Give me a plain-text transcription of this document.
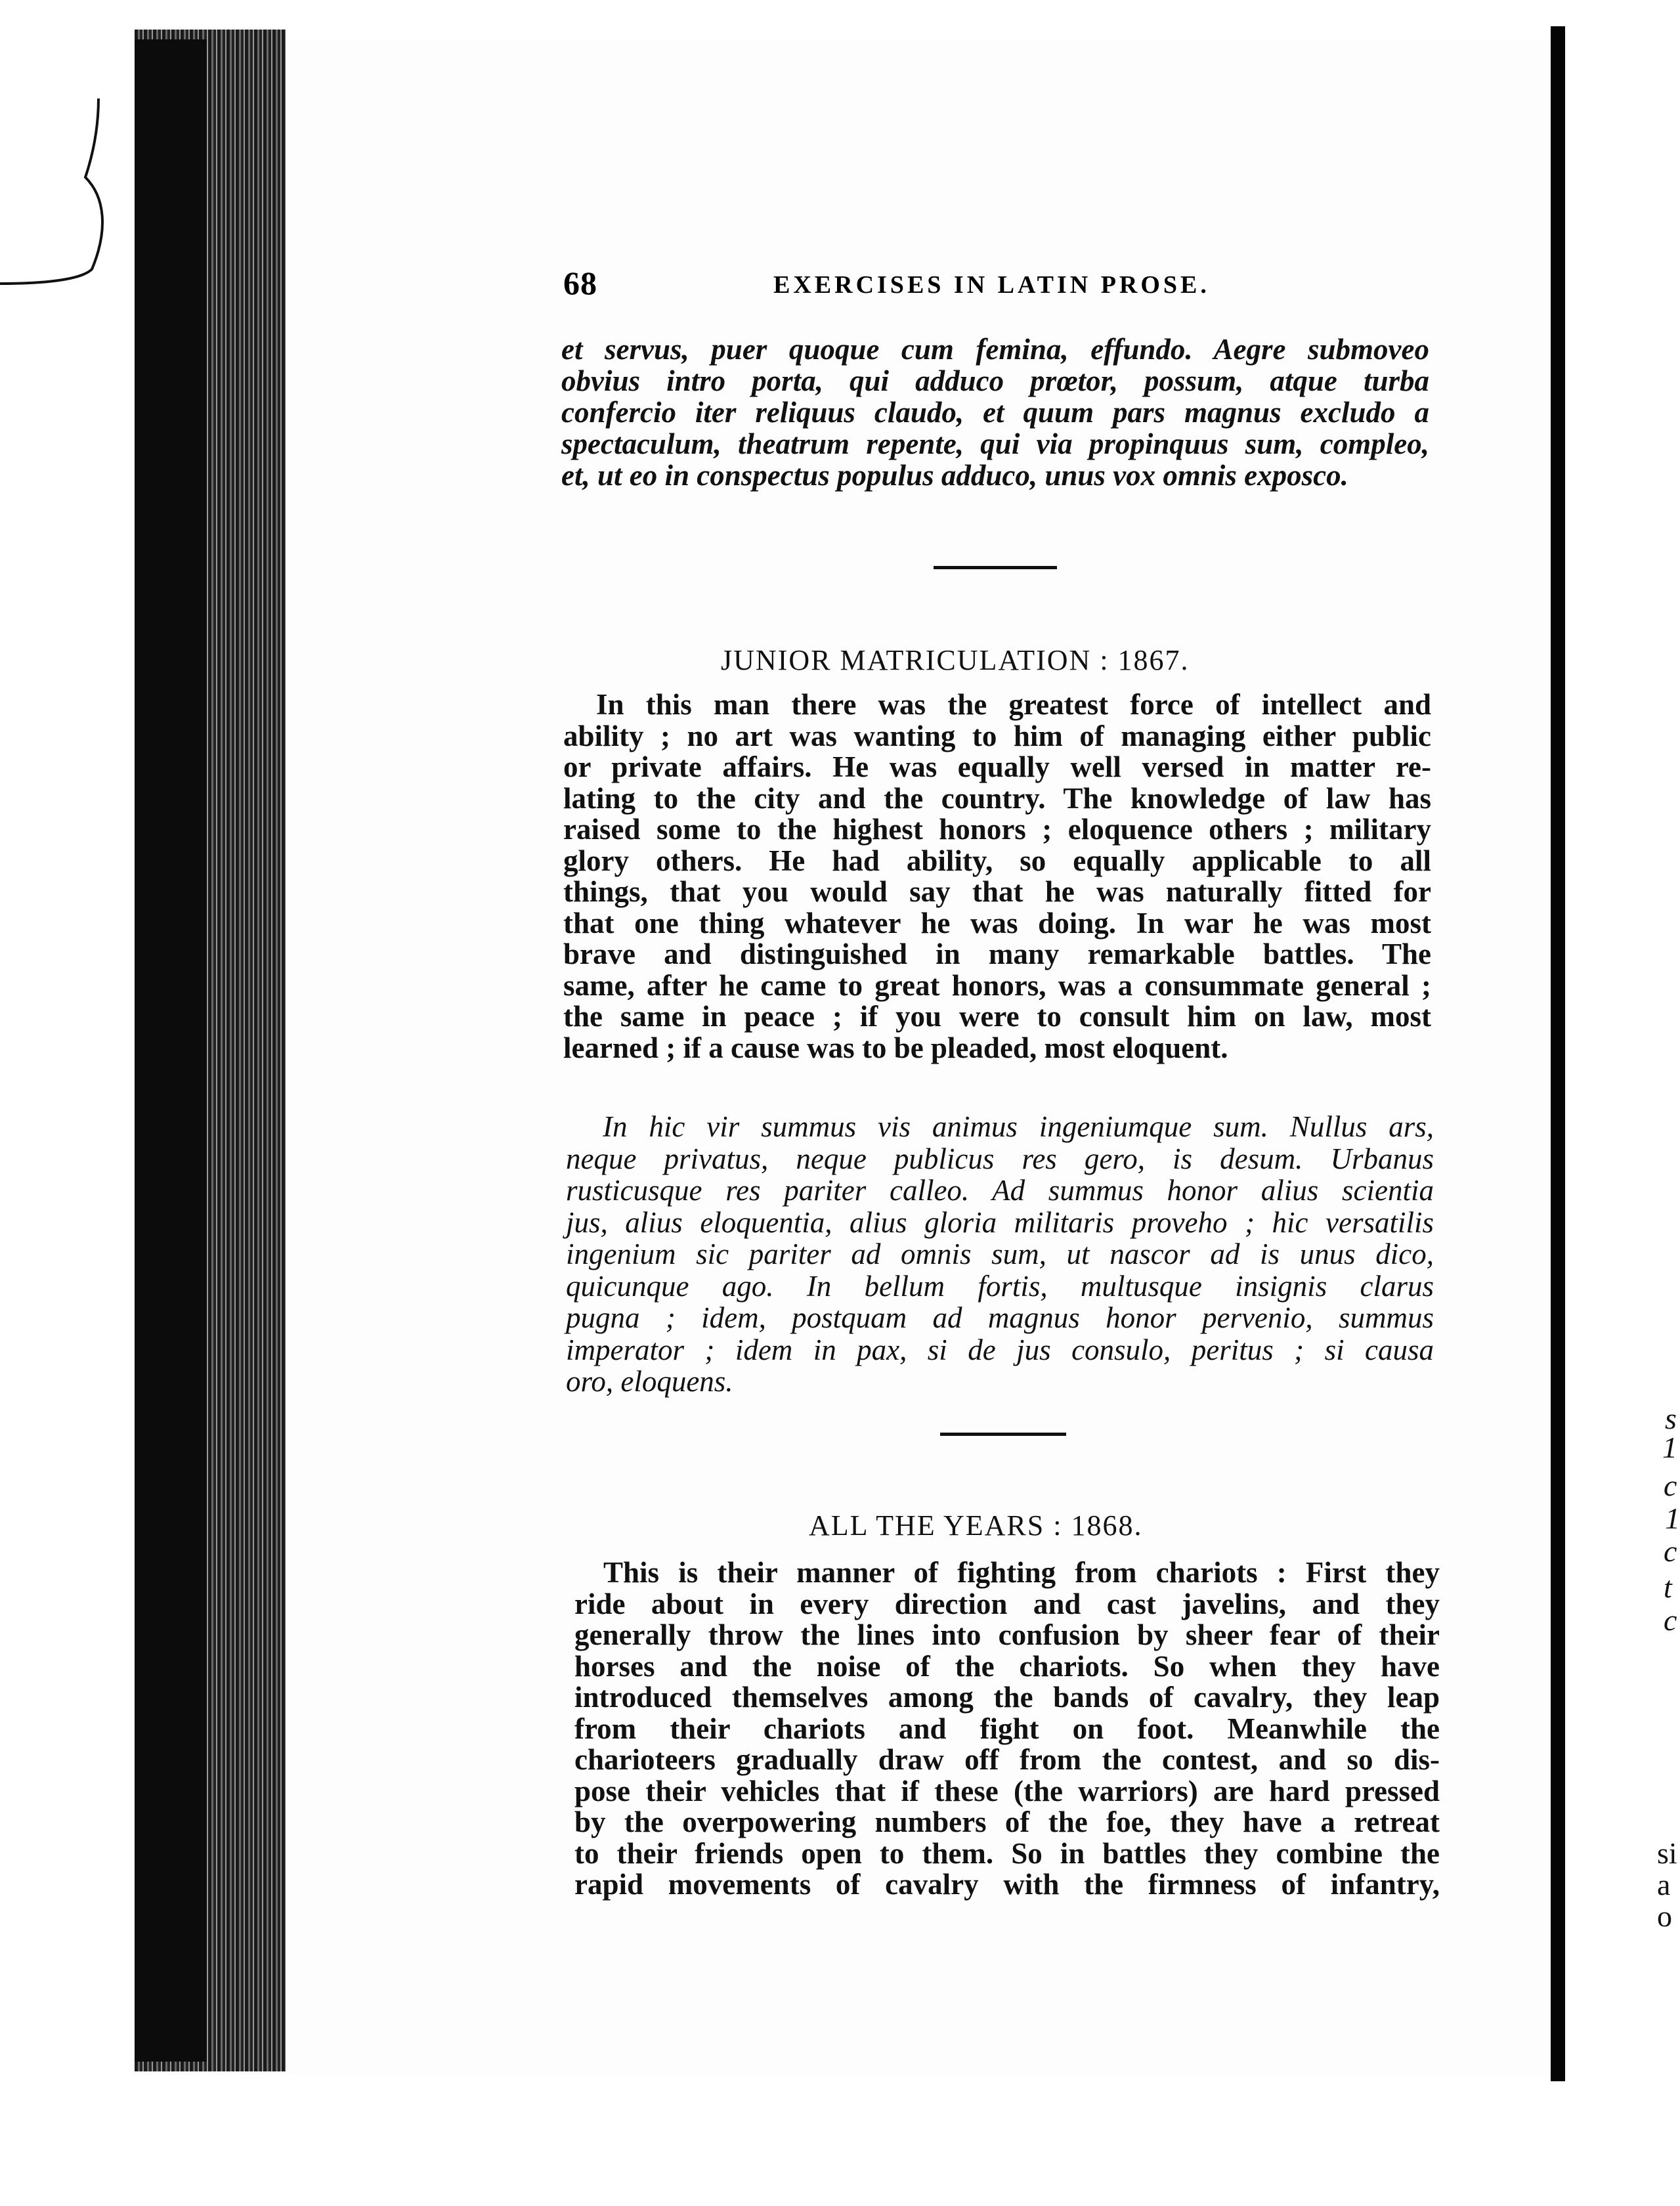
s
1
c
1
c
t
c
si
a
o
68	EXERCISES IN LATIN PROSE.
et servus, puer quoque cum femina, effundo. Aegre submoveo
obvius intro porta, qui adduco prœtor, possum, atque turba
confercio iter reliquus claudo, et quum pars magnus excludo a
spectaculum, theatrum repente, qui via propinquus sum, compleo,
et, ut eo in conspectus populus adduco, unus vox omnis exposco.
JUNIOR MATRICULATION : 1867.
In this man there was the greatest force of intellect and
ability ; no art was wanting to him of managing either public
or private affairs. He was equally well versed in matter re-
lating to the city and the country. The knowledge of law has
raised some to the highest honors ; eloquence others ; military
glory others. He had ability, so equally applicable to all
things, that you would say that he was naturally fitted for
that one thing whatever he was doing. In war he was most
brave and distinguished in many remarkable battles. The
same, after he came to great honors, was a consummate general ;
the same in peace ; if you were to consult him on law, most
learned ; if a cause was to be pleaded, most eloquent.
In hic vir summus vis animus ingeniumque sum. Nullus ars,
neque privatus, neque publicus res gero, is desum. Urbanus
rusticusque res pariter calleo. Ad summus honor alius scientia
jus, alius eloquentia, alius gloria militaris proveho ; hic versatilis
ingenium sic pariter ad omnis sum, ut nascor ad is unus dico,
quicunque ago. In bellum fortis, multusque insignis clarus
pugna ; idem, postquam ad magnus honor pervenio, summus
imperator ; idem in pax, si de jus consulo, peritus ; si causa
oro, eloquens.
ALL THE YEARS : 1868.
This is their manner of fighting from chariots : First they
ride about in every direction and cast javelins, and they
generally throw the lines into confusion by sheer fear of their
horses and the noise of the chariots. So when they have
introduced themselves among the bands of cavalry, they leap
from their chariots and fight on foot. Meanwhile the
charioteers gradually draw off from the contest, and so dis-
pose their vehicles that if these (the warriors) are hard pressed
by the overpowering numbers of the foe, they have a retreat
to their friends open to them. So in battles they combine the
rapid movements of cavalry with the firmness of infantry,
